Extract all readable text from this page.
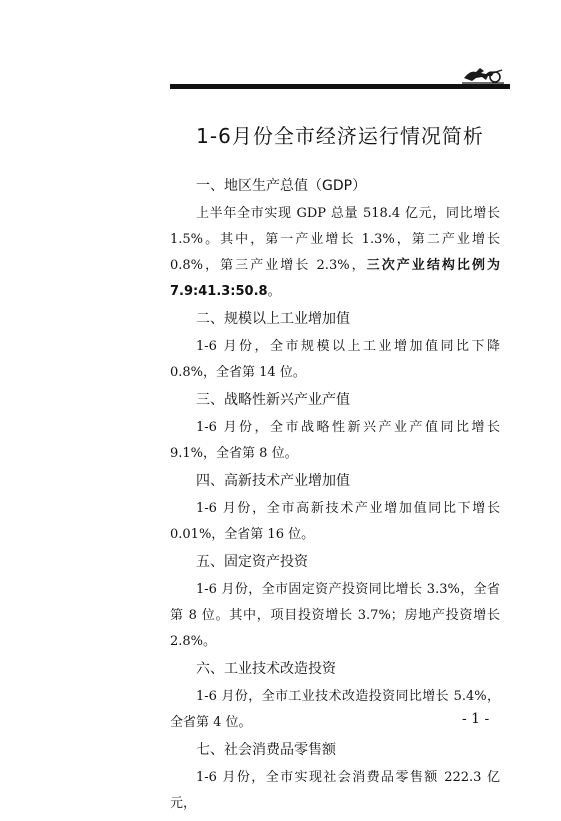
1-6月份全市经济运行情况简析
一、地区生产总值（GDP）

上半年全市实现 GDP 总量 518.4 亿元，同比增长 1.5%。其中，第一产业增长 1.3%，第二产业增长 0.8%，第三产业增长 2.3%，三次产业结构比例为 7.9:41.3:50.8。

二、规模以上工业增加值

1-6 月份，全市规模以上工业增加值同比下降 0.8%，全省第 14 位。

三、战略性新兴产业产值

1-6 月份，全市战略性新兴产业产值同比增长 9.1%，全省第 8 位。

四、高新技术产业增加值

1-6 月份，全市高新技术产业增加值同比下增长 0.01%，全省第 16 位。

五、固定资产投资

1-6 月份，全市固定资产投资同比增长 3.3%，全省第 8 位。其中，项目投资增长 3.7%；房地产投资增长 2.8%。

六、工业技术改造投资

1-6 月份，全市工业技术改造投资同比增长 5.4%，全省第 4 位。

七、社会消费品零售额

1-6 月份，全市实现社会消费品零售额 222.3 亿元，

- 1 -
